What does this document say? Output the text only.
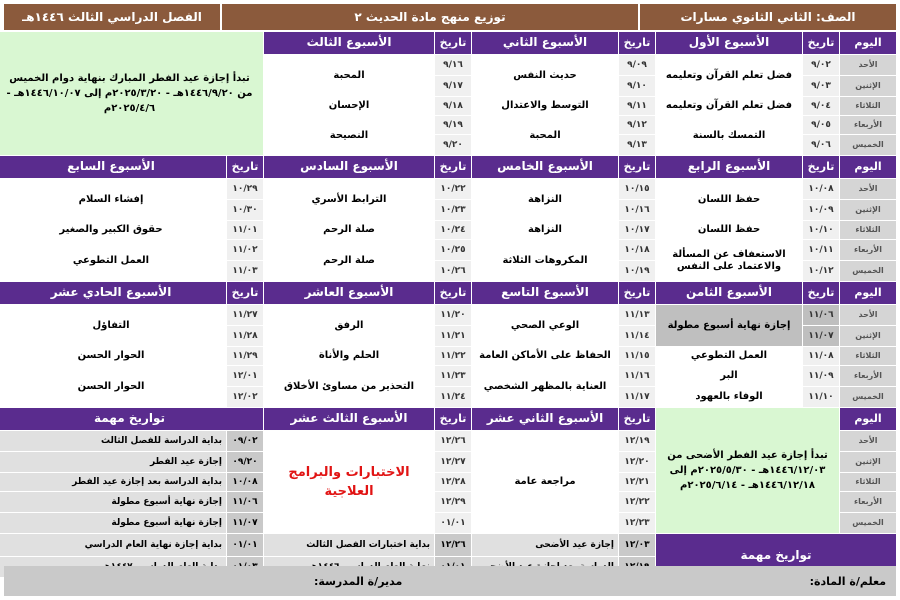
الصف: الثاني الثانوي مسارات
توزيع منهج مادة الحديث ٢
الفصل الدراسي الثالث ١٤٤٦هـ
اليوم
تاريخ
الأسبوع الأول
تاريخ
الأسبوع الثاني
تاريخ
الأسبوع الثالث
تبدأ إجازة عيد الفطر المبارك بنهاية دوام الخميس من ١٤٤٦/٩/٢٠هـ - ٢٠٢٥/٣/٢٠م إلى ١٤٤٦/١٠/٠٧هـ - ٢٠٢٥/٤/٦م
الأحد
الإثنين
الثلاثاء
الأربعاء
الخميس
٩/٠٢
٩/٠٣
٩/٠٤
٩/٠٥
٩/٠٦
فضل تعلم القرآن وتعليمه
فضل تعلم القرآن وتعليمه
التمسك بالسنة
٩/٠٩
٩/١٠
٩/١١
٩/١٢
٩/١٣
حديث النفس
التوسط والاعتدال
المحبة
٩/١٦
٩/١٧
٩/١٨
٩/١٩
٩/٢٠
المحبة
الإحسان
النصيحة
اليوم
تاريخ
الأسبوع الرابع
تاريخ
الأسبوع الخامس
تاريخ
الأسبوع السادس
تاريخ
الأسبوع السابع
الأحد
الإثنين
الثلاثاء
الأربعاء
الخميس
١٠/٠٨
١٠/٠٩
١٠/١٠
١٠/١١
١٠/١٢
حفظ اللسان
حفظ اللسان
الاستعفاف عن المسألة والاعتماد على النفس
١٠/١٥
١٠/١٦
١٠/١٧
١٠/١٨
١٠/١٩
النزاهة
النزاهة
المكروهات الثلاثة
١٠/٢٢
١٠/٢٣
١٠/٢٤
١٠/٢٥
١٠/٢٦
الترابط الأسري
صلة الرحم
صلة الرحم
١٠/٢٩
١٠/٣٠
١١/٠١
١١/٠٢
١١/٠٣
إفشاء السلام
حقوق الكبير والصغير
العمل التطوعي
اليوم
تاريخ
الأسبوع الثامن
تاريخ
الأسبوع التاسع
تاريخ
الأسبوع العاشر
تاريخ
الأسبوع الحادي عشر
الأحد
الإثنين
الثلاثاء
الأربعاء
الخميس
١١/٠٦
١١/٠٧
١١/٠٨
١١/٠٩
١١/١٠
إجازة نهاية أسبوع مطولة
العمل التطوعي
البر
الوفاء بالعهود
١١/١٣
١١/١٤
١١/١٥
١١/١٦
١١/١٧
الوعي الصحي
الحفاظ على الأماكن العامة
العناية بالمظهر الشخصي
١١/٢٠
١١/٢١
١١/٢٢
١١/٢٣
١١/٢٤
الرفق
الحلم والأناة
التحذير من مساوئ الأخلاق
١١/٢٧
١١/٢٨
١١/٢٩
١٢/٠١
١٢/٠٢
التفاؤل
الحوار الحسن
الحوار الحسن
اليوم
تبدأ إجازة عيد الفطر الأضحى من ١٤٤٦/١٢/٠٣هـ - ٢٠٢٥/٥/٣٠م إلى ١٤٤٦/١٢/١٨هـ - ٢٠٢٥/٦/١٤م
تاريخ
الأسبوع الثاني عشر
تاريخ
الأسبوع الثالث عشر
تواريخ مهمة
الأحد
الإثنين
الثلاثاء
الأربعاء
الخميس
١٢/١٩
١٢/٢٠
١٢/٢١
١٢/٢٢
١٢/٢٣
مراجعة عامة
١٢/٢٦
١٢/٢٧
١٢/٢٨
١٢/٢٩
٠١/٠١
الاختبارات والبرامج العلاجية
٠٩/٠٢
بداية الدراسة للفصل الثالث
٠٩/٢٠
إجازة عيد الفطر
١٠/٠٨
بداية الدراسة بعد إجازة عيد الفطر
١١/٠٦
إجازة نهاية أسبوع مطولة
١١/٠٧
إجازة نهاية أسبوع مطولة
تواريخ مهمة
١٢/٠٣
إجازة عيد الأضحى
١٢/٢٦
بداية اختبارات الفصل الثالث
٠١/٠١
بداية إجازة نهاية العام الدراسي
معلم/ة المادة:
مدير/ة المدرسة:
